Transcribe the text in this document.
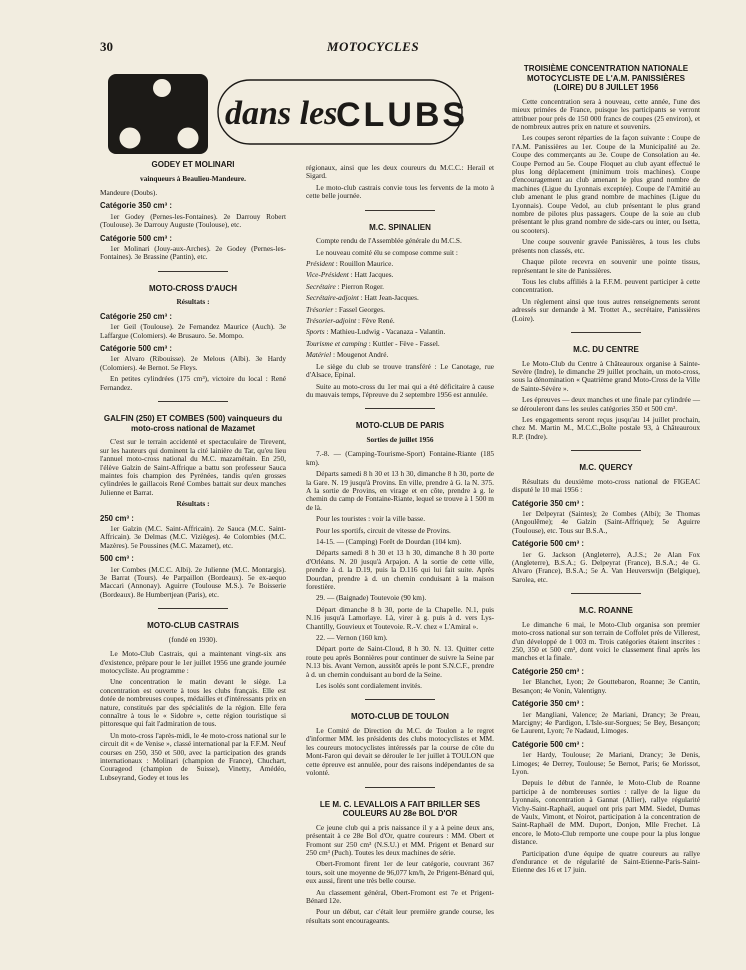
30	MOTOCYCLES
dans les
CLUBS
GODEY ET MOLINARI
vainqueurs à Beaulieu-Mandeure.

Mandeure (Doubs).

Catégorie 350 cm³ :

1er Godey (Pernes-les-Fontaines). 2e Darrouy Robert (Toulouse). 3e Darrouy Auguste (Toulouse), etc.

Catégorie 500 cm³ :

1er Molinari (Jouy-aux-Arches). 2e Godey (Pernes-les-Fontaines). 3e Brassine (Pantin), etc.

MOTO-CROSS D'AUCH
Résultats :
Catégorie 250 cm³ :

1er Geil (Toulouse). 2e Fernandez Maurice (Auch). 3e Laffargue (Colomiers). 4e Brusauro. 5e. Mompo.

Catégorie 500 cm³ :

1er Alvaro (Ribouisse). 2e Melous (Albi). 3e Hardy (Colomiers). 4e Bernot. 5e Fleys.

En petites cylindrées (175 cm³), victoire du local : René Fernandez.

GALFIN (250) ET COMBES (500) vainqueurs du moto-cross national de Mazamet

C'est sur le terrain accidenté et spectaculaire de Tirevent, sur les hauteurs qui dominent la cité lainière du Tar, qu'eu lieu l'annuel moto-cross national du M.C. mazamétain. En 250, l'élève Galzin de Saint-Affrique a battu son professeur Sauca maintes fois champion des Pyrénées, tandis qu'en grosses cylindrées le gaillacois René Combes battait sur deux manches Julienne et Barrat.

Résultats :
250 cm³ :

1er Galzin (M.C. Saint-Affricain). 2e Sauca (M.C. Saint-Affricain). 3e Delmas (M.C. Vizièges). 4e Colombies (M.C. Mazères). 5e Poussines (M.C. Mazamet), etc.

500 cm³ :

1er Combes (M.C.C. Albi). 2e Julienne (M.C. Montargis). 3e Barrat (Tours). 4e Parpaillon (Bordeaux). 5e ex-aequo Maccari (Annonay). Aguirre (Toulouse M.S.). 7e Boisserie (Bordeaux). 8e Humbertjean (Paris), etc.

MOTO-CLUB CASTRAIS
(fondé en 1930).

Le Moto-Club Castrais, qui a maintenant vingt-six ans d'existence, prépare pour le 1er juillet 1956 une grande journée motocycliste. Au programme :

Une concentration le matin devant le siège. La concentration est ouverte à tous les clubs français. Elle est dotée de nombreuses coupes, médailles et d'intéressants prix en nature, constitués par des spécialités de la région. Elle fera connaître à tous le « Sidobre », cette région touristique si pittoresque qui fait l'admiration de tous.

Un moto-cross l'après-midi, le 4e moto-cross national sur le circuit dit « de Venise », classé international par la F.F.M. Neuf courses en 250, 350 et 500, avec la participation des grands internationaux : Molinari (champion de France), Chuchart, Courageod (champion de Suisse), Vinetty, Amédéo, Lubseyrand, Godey et tous les

régionaux, ainsi que les deux coureurs du M.C.C.: Herail et Sigard.

Le moto-club castrais convie tous les fervents de la moto à cette belle journée.

M.C. SPINALIEN

Compte rendu de l'Assemblée générale du M.C.S.

Le nouveau comité élu se compose comme suit :

Président : Rouillon Maurice.

Vice-Président : Hatt Jacques.

Secrétaire : Pierron Roger.

Secrétaire-adjoint : Hatt Jean-Jacques.

Trésorier : Fassel Georges.

Trésorier-adjoint : Fève René.

Sports : Mathieu-Ludwig - Vacanaza - Valantin.

Tourisme et camping : Kuttler - Fève - Fassel.

Matériel : Mougenot André.

Le siège du club se trouve transféré : Le Canotage, rue d'Alsace, Epinal.

Suite au moto-cross du 1er mai qui a été déficitaire à cause du mauvais temps, l'épreuve du 2 septembre 1956 est annulée.

MOTO-CLUB DE PARIS
Sorties de juillet 1956

7.-8. — (Camping-Tourisme-Sport) Fontaine-Riante (185 km).

Départs samedi 8 h 30 et 13 h 30, dimanche 8 h 30, porte de la Gare. N. 19 jusqu'à Provins. En ville, prendre à G. la N. 375. A la sortie de Provins, en virage et en côte, prendre à g. le chemin du camp de Fontaine-Riante, lequel se trouve à 1 500 m de là.

Pour les touristes : voir la ville basse.

Pour les sportifs, circuit de vitesse de Provins.

14-15. — (Camping) Forêt de Dourdan (104 km).

Départs samedi 8 h 30 et 13 h 30, dimanche 8 h 30 porte d'Orléans. N. 20 jusqu'à Arpajon. A la sortie de cette ville, prendre à d. la D.19, puis la D.116 qui lui fait suite. Après Dourdan, prendre à d. un chemin conduisant à la maison forestière.

29. — (Baignade) Toutevoie (90 km).

Départ dimanche 8 h 30, porte de la Chapelle. N.1, puis N.16 jusqu'à Lamorlaye. Là, virer à g. puis à d. vers Lys-Chantilly, Gouvieux et Toutevoie. R.-V. chez « L'Amiral ».

22. — Vernon (160 km).

Départ porte de Saint-Cloud, 8 h 30. N. 13. Quitter cette route peu après Bonnières pour continuer de suivre la Seine par N.13 bis. Avant Vernon, aussitôt après le pont S.N.C.F., prendre à d. un chemin conduisant au bord de la Seine.

Les isolés sont cordialement invités.

MOTO-CLUB DE TOULON

Le Comité de Direction du M.C. de Toulon a le regret d'informer MM. les présidents des clubs motocyclistes et MM. les coureurs motocyclistes intéressés par la course de côte du Mont-Faron qui devait se dérouler le 1er juillet à TOULON que cette épreuve est annulée, pour des raisons indépendantes de sa volonté.

LE M. C. LEVALLOIS A FAIT BRILLER SES COULEURS AU 28e BOL D'OR

Ce jeune club qui a pris naissance il y a à peine deux ans, présentait à ce 28e Bol d'Or, quatre coureurs : MM. Obert et Fromont sur 250 cm³ (N.S.U.) et MM. Prigent et Benard sur 250 cm³ (Puch). Toutes les deux machines de série.

Obert-Fromont firent 1er de leur catégorie, couvrant 367 tours, soit une moyenne de 96,077 km/h, 2e Prigent-Bénard qui, eux aussi, firent une très belle course.

Au classement général, Obert-Fromont est 7e et Prigent-Bénard 12e.

Pour un début, car c'était leur première grande course, les résultats sont encourageants.

TROISIÈME CONCENTRATION NATIONALE MOTOCYCLISTE DE L'A.M. PANISSIÈRES (LOIRE) DU 8 JUILLET 1956

Cette concentration sera à nouveau, cette année, l'une des mieux primées de France, puisque les participants se verront attribuer pour près de 150 000 francs de coupes (25 environ), et de nombreux autres prix en nature et souvenirs.

Les coupes seront réparties de la façon suivante : Coupe de l'A.M. Panissières au 1er. Coupe de la Municipalité au 2e. Coupe des commerçants au 3e. Coupe de Consolation au 4e. Coupe Pernod au 5e. Coupe Floquet au club ayant effectué le plus long déplacement (minimum trois machines). Coupe d'encouragement au club amenant le plus grand nombre de machines (Ligue du Lyonnais exceptée). Coupe de l'Amitié au club amenant le plus grand nombre de machines (Ligue du Lyonnais). Coupe Vedol, au club présentant le plus grand nombre de pilotes plus passagers. Coupe de la soie au club présentant le plus grand nombre de side-cars ou inter, ou Isetta, ou scooters).

Une coupe souvenir gravée Panissières, à tous les clubs présents non classés, etc.

Chaque pilote recevra en souvenir une pointe tissus, représentant le site de Panissières.

Tous les clubs affiliés à la F.F.M. peuvent participer à cette concentration.

Un règlement ainsi que tous autres renseignements seront adressés sur demande à M. Trottet A., secrétaire, Panissières (Loire).

M.C. DU CENTRE

Le Moto-Club du Centre à Châteauroux organise à Sainte-Sevère (Indre), le dimanche 29 juillet prochain, un moto-cross, sous la dénomination « Quatrième grand Moto-Cross de la Ville de Sainte-Sévère ».

Les épreuves — deux manches et une finale par cylindrée — se dérouleront dans les seules catégories 350 et 500 cm³.

Les engagements seront reçus jusqu'au 14 juillet prochain, chez M. Martin M., M.C.C.,Boîte postale 93, à Châteauroux R.P. (Indre).

M.C. QUERCY

Résultats du deuxième moto-cross national de FIGEAC disputé le 10 mai 1956 :

Catégorie 350 cm³ :

1er Delpeyrat (Saintes); 2e Combes (Albi); 3e Thomas (Angoulême); 4e Galzin (Saint-Affrique); 5e Aguirre (Toulouse), etc. Tous sur B.S.A.,

Catégorie 500 cm³ :

1er G. Jackson (Angleterre), A.J.S.; 2e Alan Fox (Angleterre), B.S.A.; G. Delpeyrat (France), B.S.A.; 4e G. Alvaro (France), B.S.A.; 5e A. Van Heuverswijn (Belgique), Sarolea, etc.

M.C. ROANNE

Le dimanche 6 mai, le Moto-Club organisa son premier moto-cross national sur son terrain de Coffolet près de Villerest, d'un développé de 1 003 m. Trois catégories étaient inscrites : 250, 350 et 500 cm³, dont voici le classement final après les manches et la finale.

Catégorie 250 cm³ :

1er Blanchet, Lyon; 2e Gouttebaron, Roanne; 3e Cantin, Besançon; 4e Vonin, Valentigny.

Catégorie 350 cm³ :

1er Mangliani, Valence; 2e Mariani, Drancy; 3e Preau, Marcigny; 4e Pardigon, L'Isle-sur-Sorgues; 5e Bey, Besançon; 6e Laurent, Lyon; 7e Nadaud, Limoges.

Catégorie 500 cm³ :

1er Hardy, Toulouse; 2e Mariani, Drancy; 3e Denis, Limoges; 4e Derrey, Toulouse; 5e Bernot, Paris; 6e Morissot, Lyon.

Depuis le début de l'année, le Moto-Club de Roanne participe à de nombreuses sorties : rallye de la ligue du Lyonnais, concentration à Gannat (Allier), rallye régularité Vichy-Saint-Raphaël, auquel ont pris part MM. Siedel, Dumas de Vaulx, Vimont, et Noirot, participation à la concentration de Saint-Raphaël de MM. Duport, Donjon, Mlle Frechet. Là encore, le Moto-Club remporte une coupe pour la plus longue distance.

Participation d'une équipe de quatre coureurs au rallye d'endurance et de régularité de Saint-Etienne-Paris-Saint-Etienne des 16 et 17 juin.
